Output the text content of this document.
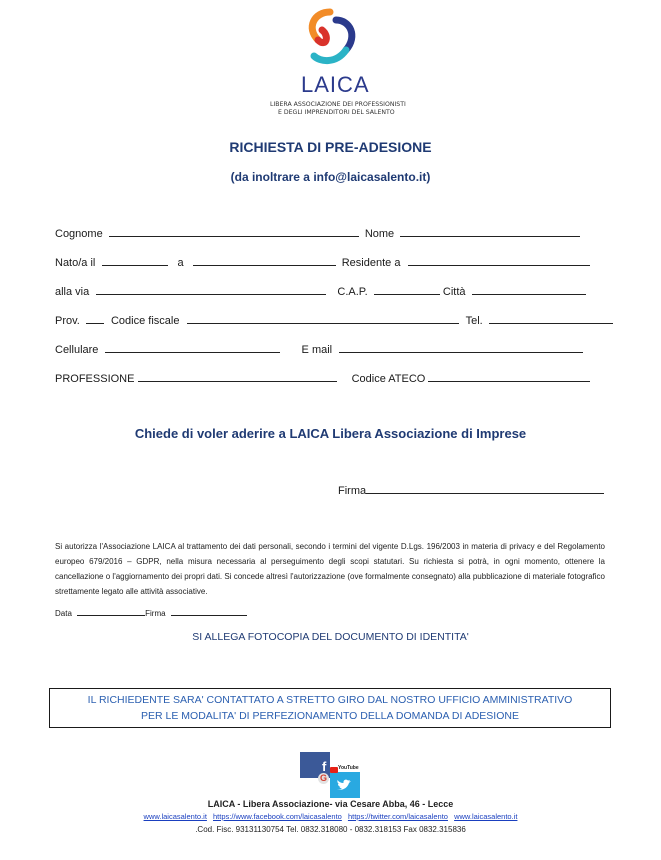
LAICA
LIBERA ASSOCIAZIONE DEI PROFESSIONISTI
E DEGLI IMPRENDITORI DEL SALENTO
RICHIESTA DI PRE-ADESIONE
(da inoltrare a info@laicasalento.it)
Cognome	Nome
Nato/a il	a	Residente a
alla via	C.A.P.	Città
Prov.	Codice fiscale	Tel.
Cellulare	E mail
PROFESSIONE	Codice ATECO
Chiede di voler aderire a LAICA Libera Associazione di Imprese
Firma
Si autorizza l'Associazione LAICA al trattamento dei dati personali, secondo i termini del vigente D.Lgs. 196/2003 in materia di privacy e del Regolamento europeo 679/2016 – GDPR, nella misura necessaria al perseguimento degli scopi statutari. Su richiesta si potrà, in ogni momento, ottenere la cancellazione o l'aggiornamento dei propri dati. Si concede altresì l'autorizzazione (ove formalmente consegnato) alla pubblicazione di materiale fotografico strettamente legato alle attività associative.
Data	Firma
SI ALLEGA FOTOCOPIA DEL DOCUMENTO DI IDENTITA'
IL RICHIEDENTE SARA' CONTATTATO A STRETTO GIRO DAL NOSTRO UFFICIO AMMINISTRATIVO
PER LE MODALITA' DI PERFEZIONAMENTO DELLA DOMANDA DI ADESIONE
G
f YouTube
LAICA - Libera Associazione- via Cesare Abba, 46 - Lecce
www.laicasalento.it https://www.facebook.com/laicasalento https://twitter.com/laicasalento www.laicasalento.it
.Cod. Fisc. 93131130754 Tel. 0832.318080 - 0832.318153 Fax 0832.315836
